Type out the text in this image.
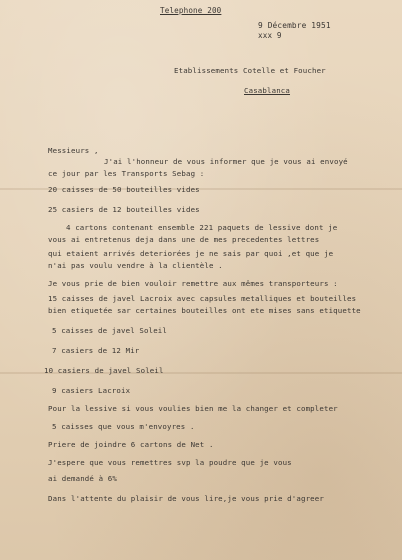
Telephone 200
9 Décembre 1951
xxx 9
Etablissements Cotelle et Foucher
Casablanca
Messieurs ,
J'ai l'honneur de vous informer que je vous ai envoyé
ce jour par les Transports Sebag :
20 caisses de 50 bouteilles vides
25 casiers de 12 bouteilles vides
4 cartons contenant ensemble 221 paquets de lessive dont je
vous ai entretenus deja dans une de mes precedentes lettres
qui etaient arrivés deteriorées je ne sais par quoi ,et que je
n'ai pas voulu vendre à la clientèle .
Je vous prie de bien vouloir remettre aux mêmes transporteurs :
15 caisses de javel Lacroix avec capsules metalliques et bouteilles
bien etiquetée sar certaines bouteilles ont ete mises sans etiquette
5 caisses de javel Soleil
7 casiers de 12 Mir
10 casiers de javel Soleil
9 casiers Lacroix
Pour la lessive si vous voulies bien me la changer et completer
5 caisses que vous m'envoyres .
Priere de joindre 6 cartons de Net .
J'espere que vous remettres svp la poudre que je vous
ai demandé à 6%
Dans l'attente du plaisir de vous lire,je vous prie d'agreer
